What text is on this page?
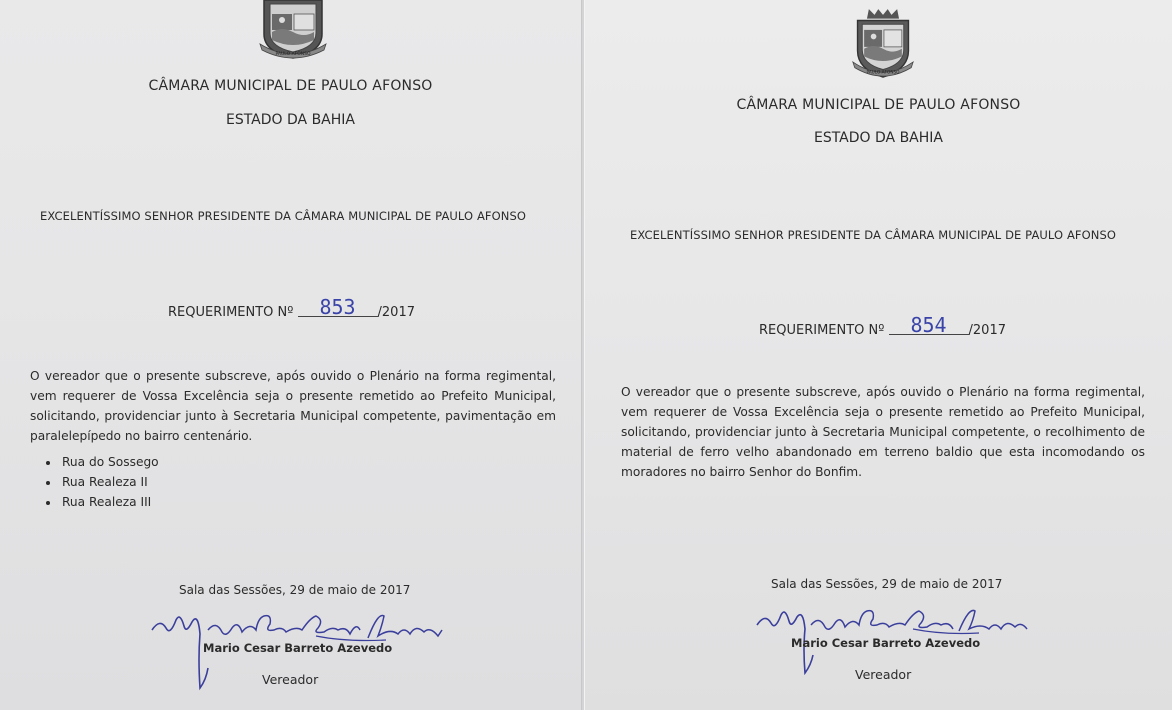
PAULO AFONSO
CÂMARA MUNICIPAL DE PAULO AFONSO
ESTADO DA BAHIA
EXCELENTÍSSIMO SENHOR PRESIDENTE DA CÂMARA MUNICIPAL DE PAULO AFONSO
REQUERIMENTO Nº 853 /2017
O vereador que o presente subscreve, após ouvido o Plenário na forma regimental, vem requerer de Vossa Excelência seja o presente remetido ao Prefeito Municipal, solicitando, providenciar junto à Secretaria Municipal competente, pavimentação em paralelepípedo no bairro centenário.
• Rua do Sossego
• Rua Realeza II
• Rua Realeza III
Sala das Sessões, 29 de maio de 2017
Mario Cesar Barreto Azevedo
Vereador
PAULO AFONSO
CÂMARA MUNICIPAL DE PAULO AFONSO
ESTADO DA BAHIA
EXCELENTÍSSIMO SENHOR PRESIDENTE DA CÂMARA MUNICIPAL DE PAULO AFONSO
REQUERIMENTO Nº 854 /2017
O vereador que o presente subscreve, após ouvido o Plenário na forma regimental, vem requerer de Vossa Excelência seja o presente remetido ao Prefeito Municipal, solicitando, providenciar junto à Secretaria Municipal competente, o recolhimento de material de ferro velho abandonado em terreno baldio que esta incomodando os moradores no bairro Senhor do Bonfim.
Sala das Sessões, 29 de maio de 2017
Mario Cesar Barreto Azevedo
Vereador
